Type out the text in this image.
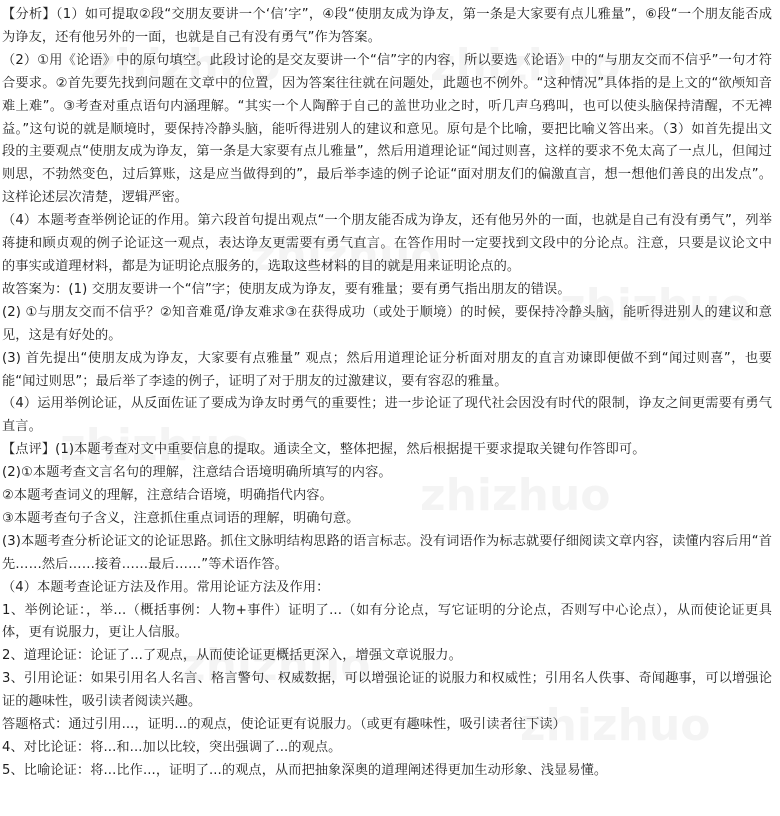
【分析】（1）如可提取②段“交朋友要讲一个‘信’字”，④段“使朋友成为诤友，第一条是大家要有点儿雅量”，⑥段“一个朋友能否成为诤友，还有他另外的一面，也就是自己有没有勇气”作为答案。

（2）①用《论语》中的原句填空。此段讨论的是交友要讲一个“信”字的内容，所以要选《论语》中的“与朋友交而不信乎”一句才符合要求。②首先要先找到问题在文章中的位置，因为答案往往就在问题处，此题也不例外。“这种情况”具体指的是上文的“欲颅知音难上难”。③考查对重点语句内涵理解。“其实一个人陶醉于自己的盖世功业之时，听几声乌鸦叫，也可以使头脑保持清醒，不无裨益。”这句说的就是顺境时，要保持冷静头脑，能听得进别人的建议和意见。原句是个比喻，要把比喻义答出来。（3）如首先提出文段的主要观点“使朋友成为诤友，第一条是大家要有点儿雅量”，然后用道理论证“闻过则喜，这样的要求不免太高了一点儿，但闻过则思，不勃然变色，过后算账，这是应当做得到的”，最后举李逵的例子论证“面对朋友们的偏激直言，想一想他们善良的出发点”。这样论述层次清楚，逻辑严密。

（4）本题考查举例论证的作用。第六段首句提出观点“一个朋友能否成为诤友，还有他另外的一面，也就是自己有没有勇气”，列举蒋捷和顾贞观的例子论证这一观点，表达诤友更需要有勇气直言。在答作用时一定要找到文段中的分论点。注意，只要是议论文中的事实或道理材料，都是为证明论点服务的，选取这些材料的目的就是用来证明论点的。

故答案为：(1) 交朋友要讲一个“信”字；使朋友成为诤友，要有雅量；要有勇气指出朋友的错误。

(2) ①与朋友交而不信乎？②知音难觅/诤友难求③在获得成功（或处于顺境）的时候，要保持冷静头脑，能听得进别人的建议和意见，这是有好处的。

(3) 首先提出“使朋友成为诤友，大家要有点雅量” 观点；然后用道理论证分析面对朋友的直言劝谏即便做不到“闻过则喜”，也要能“闻过则思”；最后举了李逵的例子，证明了对于朋友的过激建议，要有容忍的雅量。

（4）运用举例论证，从反面佐证了要成为诤友时勇气的重要性；进一步论证了现代社会因没有时代的限制，诤友之间更需要有勇气直言。

【点评】(1)本题考查对文中重要信息的提取。通读全文，整体把握，然后根据提干要求提取关键句作答即可。

(2)①本题考查文言名句的理解，注意结合语境明确所填写的内容。

②本题考查词义的理解，注意结合语境，明确指代内容。

③本题考查句子含义，注意抓住重点词语的理解，明确句意。

(3)本题考查分析论证文的论证思路。抓住文脉明结构思路的语言标志。没有词语作为标志就要仔细阅读文章内容，读懂内容后用“首先……然后……接着……最后……”等术语作答。

（4）本题考查论证方法及作用。常用论证方法及作用：

1、举例论证：，举...（概括事例：人物+事件）证明了...（如有分论点，写它证明的分论点，否则写中心论点），从而使论证更具体，更有说服力，更让人信服。

2、道理论证：论证了...了观点，从而使论证更概括更深入，增强文章说服力。

3、引用论证：如果引用名人名言、格言警句、权威数据，可以增强论证的说服力和权威性；引用名人佚事、奇闻趣事，可以增强论证的趣味性，吸引读者阅读兴趣。

答题格式：通过引用...，证明...的观点，使论证更有说服力。（或更有趣味性，吸引读者往下读）

4、对比论证：将...和...加以比较，突出强调了...的观点。

5、比喻论证：将...比作...，证明了...的观点，从而把抽象深奥的道理阐述得更加生动形象、浅显易懂。
